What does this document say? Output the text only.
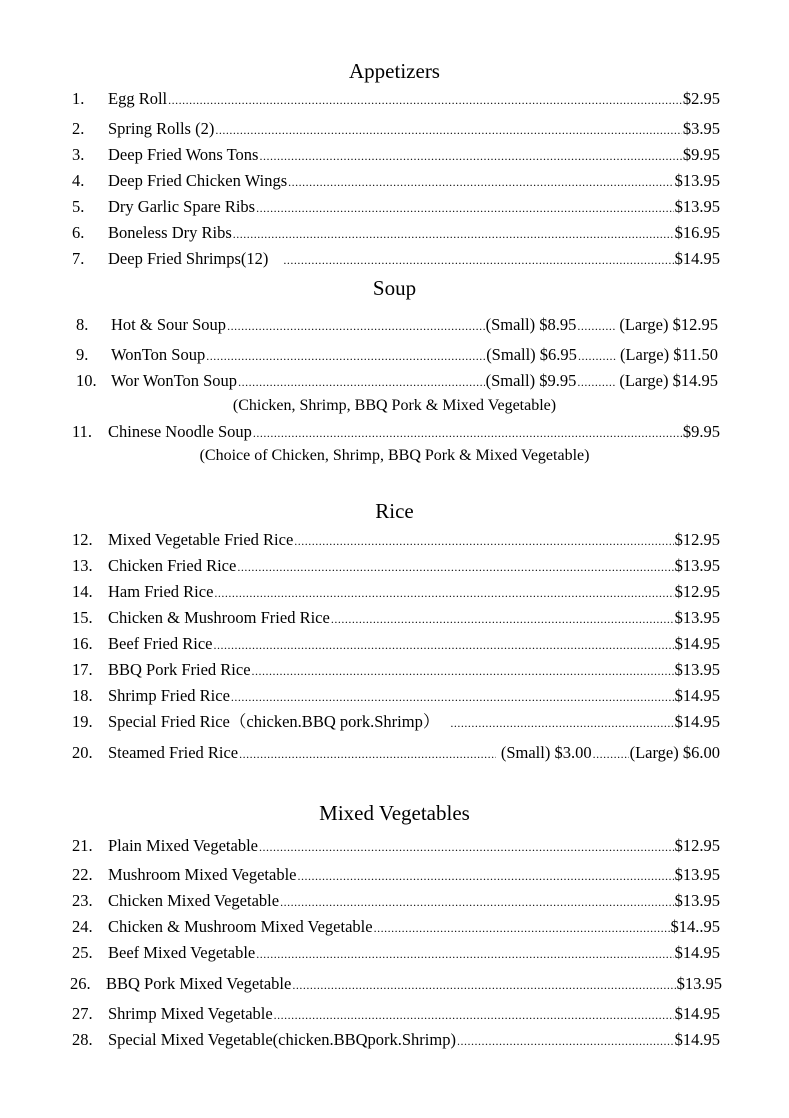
Appetizers
1. Egg Roll .....	$2.95
2. Spring Rolls (2) .....	$3.95
3. Deep Fried Wons Tons .....	$9.95
4. Deep Fried Chicken Wings .....	$13.95
5. Dry Garlic Spare Ribs .....	$13.95
6. Boneless Dry Ribs .....	$16.95
7. Deep Fried Shrimps(12) .....	$14.95
Soup
8. Hot & Sour Soup .....	(Small) $8.95 .....	(Large) $12.95
9. WonTon Soup .....	(Small) $6.95 .....	(Large) $11.50
10. Wor WonTon Soup .....	(Small) $9.95 .....	(Large) $14.95
(Chicken, Shrimp, BBQ Pork & Mixed Vegetable)
11. Chinese Noodle Soup .....	$9.95
(Choice of Chicken, Shrimp, BBQ Pork & Mixed Vegetable)
Rice
12. Mixed Vegetable Fried Rice .....	$12.95
13. Chicken Fried Rice .....	$13.95
14. Ham Fried Rice .....	$12.95
15. Chicken & Mushroom Fried Rice .....	$13.95
16. Beef Fried Rice .....	$14.95
17. BBQ Pork Fried Rice .....	$13.95
18. Shrimp Fried Rice .....	$14.95
19. Special Fried Rice（chicken.BBQ pork.Shrimp） .....	$14.95
20. Steamed Fried Rice .....	(Small) $3.00 ..... (Large) $6.00
Mixed Vegetables
21. Plain Mixed Vegetable .....	$12.95
22. Mushroom Mixed Vegetable .....	$13.95
23. Chicken Mixed Vegetable .....	$13.95
24. Chicken & Mushroom Mixed Vegetable .....	$14..95
25. Beef Mixed Vegetable .....	$14.95
26. BBQ Pork Mixed Vegetable .....	$13.95
27. Shrimp Mixed Vegetable .....	$14.95
28. Special Mixed Vegetable(chicken.BBQpork.Shrimp) .....	$14.95
